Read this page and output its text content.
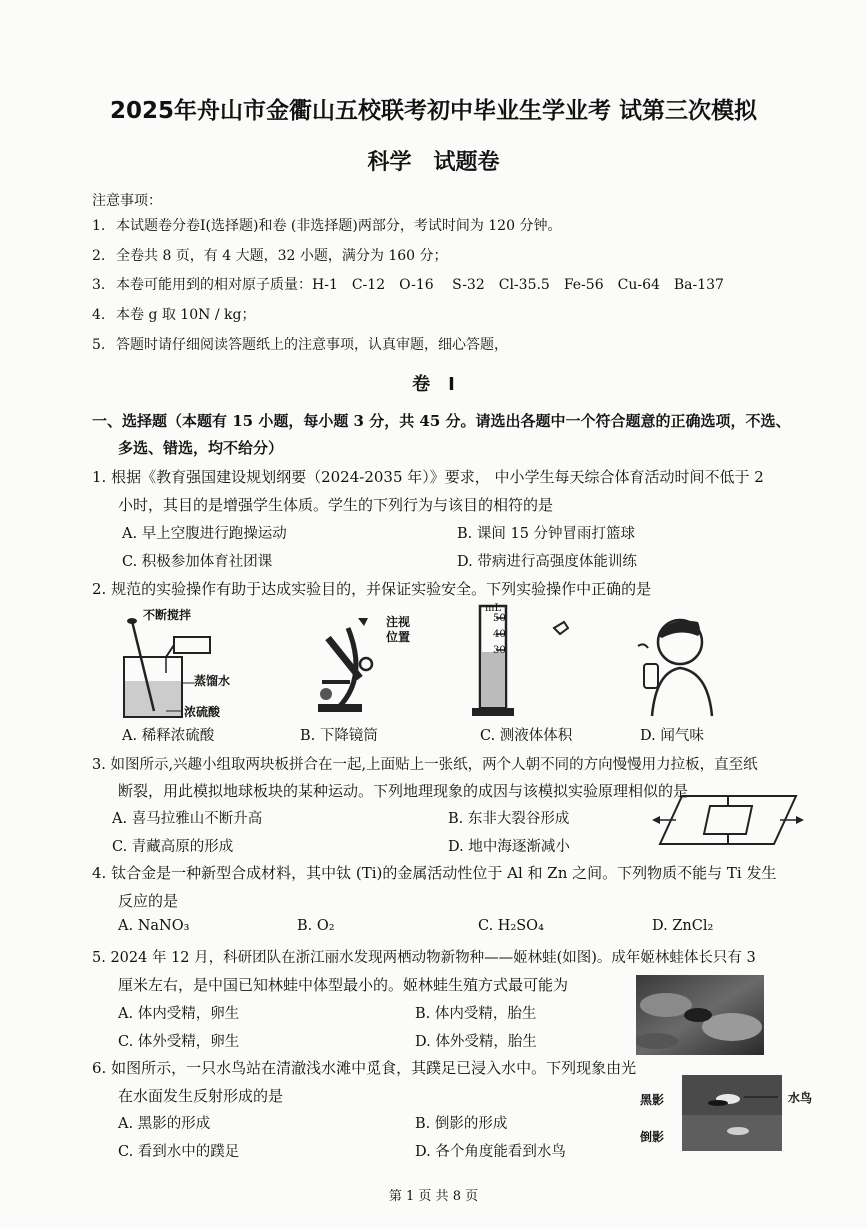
2025年舟山市金衢山五校联考初中毕业生学业考 试第三次模拟
科学　试题卷
注意事项：
1. 本试题卷分卷Ⅰ(选择题)和卷 (非选择题)两部分，考试时间为 120 分钟。
2. 全卷共 8 页，有 4 大题，32 小题，满分为 160 分；
3. 本卷可能用到的相对原子质量：H-1　C-12　O-16　 S-32　Cl-35.5　Fe-56　Cu-64　Ba-137
4. 本卷 g 取 10N / kg；
5. 答题时请仔细阅读答题纸上的注意事项，认真审题，细心答题，
卷　Ⅰ
一、选择题（本题有 15 小题，每小题 3 分，共 45 分。请选出各题中一个符合题意的正确选项，不选、
多选、错选，均不给分）
1. 根据《教育强国建设规划纲要（2024-2035 年）》要求， 中小学生每天综合体育活动时间不低于 2
小时，其目的是增强学生体质。学生的下列行为与该目的相符的是
A. 早上空腹进行跑操运动	B. 课间 15 分钟冒雨打篮球
C. 积极参加体育社团课	D. 带病进行高强度体能训练
2. 规范的实验操作有助于达成实验目的，并保证实验安全。下列实验操作中正确的是
不断搅拌
蒸馏水
浓硫酸
注视
位置
mL
50
40
30
A. 稀释浓硫酸	B. 下降镜筒	C. 测液体体积	D. 闻气味
3. 如图所示,兴趣小组取两块板拼合在一起,上面贴上一张纸，两个人朝不同的方向慢慢用力拉板，直至纸
断裂，用此模拟地球板块的某种运动。下列地理现象的成因与该模拟实验原理相似的是
A. 喜马拉雅山不断升高	B. 东非大裂谷形成
C. 青藏高原的形成	D. 地中海逐渐减小
4. 钛合金是一种新型合成材料，其中钛 (Ti)的金属活动性位于 Al 和 Zn 之间。下列物质不能与 Ti 发生
反应的是
A. NaNO₃	B. O₂	C. H₂SO₄	D. ZnCl₂
5. 2024 年 12 月，科研团队在浙江丽水发现两栖动物新物种——姬林蛙(如图)。成年姬林蛙体长只有 3
厘米左右，是中国已知林蛙中体型最小的。姬林蛙生殖方式最可能为
A. 体内受精，卵生	B. 体内受精，胎生
C. 体外受精，卵生	D. 体外受精，胎生
6. 如图所示，一只水鸟站在清澈浅水滩中觅食，其蹼足已浸入水中。下列现象由光
在水面发生反射形成的是
A. 黑影的形成	B. 倒影的形成
C. 看到水中的蹼足	D. 各个角度能看到水鸟
黑影	水鸟
倒影
第 1 页 共 8 页
